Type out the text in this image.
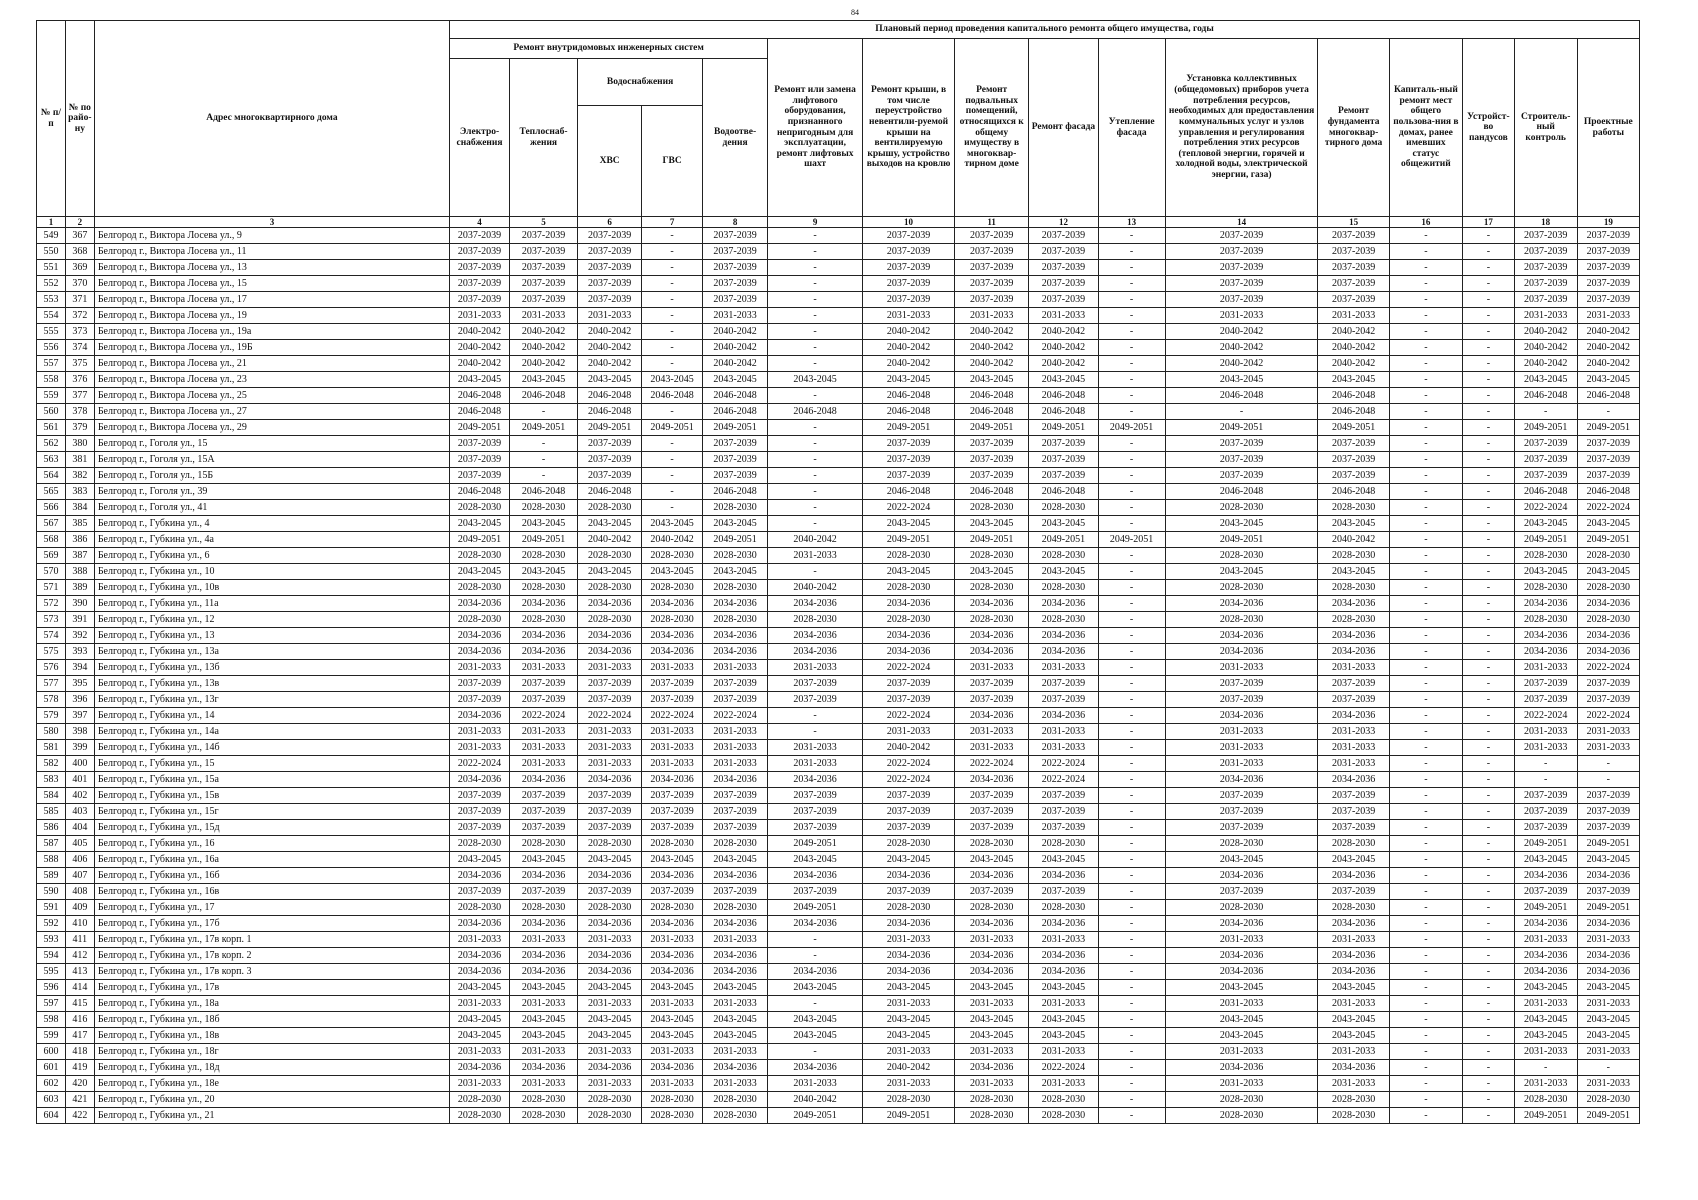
84
№ п/п	№ по райо-ну	Адрес многоквартирного дома	Плановый период проведения капитального ремонта общего имущества, годы															
			Ремонт внутридомовых инженерных систем					Ремонт или замена лифтового оборудования, признанного непригодным для эксплуатации, ремонт лифтовых шахт	Ремонт крыши, в том числе переустройство невентили-руемой крыши на вентилируемую крышу, устройство выходов на кровлю	Ремонт подвальных помещений, относящихся к общему имуществу в многоквар-тирном доме	Ремонт фасада	Утепление фасада	Установка коллективных (общедомовых) приборов учета потребления ресурсов, необходимых для предоставления коммунальных услуг и узлов управления и регулирования потребления этих ресурсов (тепловой энергии, горячей и холодной воды, электрической энергии, газа)	Ремонт фундамента многоквар-тирного дома	Капиталь-ный ремонт мест общего пользова-ния в домах, ранее имевших статус общежитий	Устройст-во пандусов	Строитель-ный контроль	Проектные работы
			Электро-снабжения	Теплоснаб-жения	Водоснабжения		Водоотве-дения											
					ХВС	ГВС												
1	2	3	4	5	6	7	8	9	10	11	12	13	14	15	16	17	18	19
549	367	Белгород г., Виктора Лосева ул., 9	2037-2039	2037-2039	2037-2039	-	2037-2039	-	2037-2039	2037-2039	2037-2039	-	2037-2039	2037-2039	-	-	2037-2039	2037-2039
550	368	Белгород г., Виктора Лосева ул., 11	2037-2039	2037-2039	2037-2039	-	2037-2039	-	2037-2039	2037-2039	2037-2039	-	2037-2039	2037-2039	-	-	2037-2039	2037-2039
551	369	Белгород г., Виктора Лосева ул., 13	2037-2039	2037-2039	2037-2039	-	2037-2039	-	2037-2039	2037-2039	2037-2039	-	2037-2039	2037-2039	-	-	2037-2039	2037-2039
552	370	Белгород г., Виктора Лосева ул., 15	2037-2039	2037-2039	2037-2039	-	2037-2039	-	2037-2039	2037-2039	2037-2039	-	2037-2039	2037-2039	-	-	2037-2039	2037-2039
553	371	Белгород г., Виктора Лосева ул., 17	2037-2039	2037-2039	2037-2039	-	2037-2039	-	2037-2039	2037-2039	2037-2039	-	2037-2039	2037-2039	-	-	2037-2039	2037-2039
554	372	Белгород г., Виктора Лосева ул., 19	2031-2033	2031-2033	2031-2033	-	2031-2033	-	2031-2033	2031-2033	2031-2033	-	2031-2033	2031-2033	-	-	2031-2033	2031-2033
555	373	Белгород г., Виктора Лосева ул., 19а	2040-2042	2040-2042	2040-2042	-	2040-2042	-	2040-2042	2040-2042	2040-2042	-	2040-2042	2040-2042	-	-	2040-2042	2040-2042
556	374	Белгород г., Виктора Лосева ул., 19Б	2040-2042	2040-2042	2040-2042	-	2040-2042	-	2040-2042	2040-2042	2040-2042	-	2040-2042	2040-2042	-	-	2040-2042	2040-2042
557	375	Белгород г., Виктора Лосева ул., 21	2040-2042	2040-2042	2040-2042	-	2040-2042	-	2040-2042	2040-2042	2040-2042	-	2040-2042	2040-2042	-	-	2040-2042	2040-2042
558	376	Белгород г., Виктора Лосева ул., 23	2043-2045	2043-2045	2043-2045	2043-2045	2043-2045	2043-2045	2043-2045	2043-2045	2043-2045	-	2043-2045	2043-2045	-	-	2043-2045	2043-2045
559	377	Белгород г., Виктора Лосева ул., 25	2046-2048	2046-2048	2046-2048	2046-2048	2046-2048	-	2046-2048	2046-2048	2046-2048	-	2046-2048	2046-2048	-	-	2046-2048	2046-2048
560	378	Белгород г., Виктора Лосева ул., 27	2046-2048	-	2046-2048	-	2046-2048	2046-2048	2046-2048	2046-2048	2046-2048	-	-	2046-2048	-	-	-	-
561	379	Белгород г., Виктора Лосева ул., 29	2049-2051	2049-2051	2049-2051	2049-2051	2049-2051	-	2049-2051	2049-2051	2049-2051	2049-2051	2049-2051	2049-2051	-	-	2049-2051	2049-2051
562	380	Белгород г., Гоголя ул., 15	2037-2039	-	2037-2039	-	2037-2039	-	2037-2039	2037-2039	2037-2039	-	2037-2039	2037-2039	-	-	2037-2039	2037-2039
563	381	Белгород г., Гоголя ул., 15А	2037-2039	-	2037-2039	-	2037-2039	-	2037-2039	2037-2039	2037-2039	-	2037-2039	2037-2039	-	-	2037-2039	2037-2039
564	382	Белгород г., Гоголя ул., 15Б	2037-2039	-	2037-2039	-	2037-2039	-	2037-2039	2037-2039	2037-2039	-	2037-2039	2037-2039	-	-	2037-2039	2037-2039
565	383	Белгород г., Гоголя ул., 39	2046-2048	2046-2048	2046-2048	-	2046-2048	-	2046-2048	2046-2048	2046-2048	-	2046-2048	2046-2048	-	-	2046-2048	2046-2048
566	384	Белгород г., Гоголя ул., 41	2028-2030	2028-2030	2028-2030	-	2028-2030	-	2022-2024	2028-2030	2028-2030	-	2028-2030	2028-2030	-	-	2022-2024	2022-2024
567	385	Белгород г., Губкина ул., 4	2043-2045	2043-2045	2043-2045	2043-2045	2043-2045	-	2043-2045	2043-2045	2043-2045	-	2043-2045	2043-2045	-	-	2043-2045	2043-2045
568	386	Белгород г., Губкина ул., 4а	2049-2051	2049-2051	2040-2042	2040-2042	2049-2051	2040-2042	2049-2051	2049-2051	2049-2051	2049-2051	2049-2051	2040-2042	-	-	2049-2051	2049-2051
569	387	Белгород г., Губкина ул., 6	2028-2030	2028-2030	2028-2030	2028-2030	2028-2030	2031-2033	2028-2030	2028-2030	2028-2030	-	2028-2030	2028-2030	-	-	2028-2030	2028-2030
570	388	Белгород г., Губкина ул., 10	2043-2045	2043-2045	2043-2045	2043-2045	2043-2045	-	2043-2045	2043-2045	2043-2045	-	2043-2045	2043-2045	-	-	2043-2045	2043-2045
571	389	Белгород г., Губкина ул., 10в	2028-2030	2028-2030	2028-2030	2028-2030	2028-2030	2040-2042	2028-2030	2028-2030	2028-2030	-	2028-2030	2028-2030	-	-	2028-2030	2028-2030
572	390	Белгород г., Губкина ул., 11а	2034-2036	2034-2036	2034-2036	2034-2036	2034-2036	2034-2036	2034-2036	2034-2036	2034-2036	-	2034-2036	2034-2036	-	-	2034-2036	2034-2036
573	391	Белгород г., Губкина ул., 12	2028-2030	2028-2030	2028-2030	2028-2030	2028-2030	2028-2030	2028-2030	2028-2030	2028-2030	-	2028-2030	2028-2030	-	-	2028-2030	2028-2030
574	392	Белгород г., Губкина ул., 13	2034-2036	2034-2036	2034-2036	2034-2036	2034-2036	2034-2036	2034-2036	2034-2036	2034-2036	-	2034-2036	2034-2036	-	-	2034-2036	2034-2036
575	393	Белгород г., Губкина ул., 13а	2034-2036	2034-2036	2034-2036	2034-2036	2034-2036	2034-2036	2034-2036	2034-2036	2034-2036	-	2034-2036	2034-2036	-	-	2034-2036	2034-2036
576	394	Белгород г., Губкина ул., 13б	2031-2033	2031-2033	2031-2033	2031-2033	2031-2033	2031-2033	2022-2024	2031-2033	2031-2033	-	2031-2033	2031-2033	-	-	2031-2033	2022-2024
577	395	Белгород г., Губкина ул., 13в	2037-2039	2037-2039	2037-2039	2037-2039	2037-2039	2037-2039	2037-2039	2037-2039	2037-2039	-	2037-2039	2037-2039	-	-	2037-2039	2037-2039
578	396	Белгород г., Губкина ул., 13г	2037-2039	2037-2039	2037-2039	2037-2039	2037-2039	2037-2039	2037-2039	2037-2039	2037-2039	-	2037-2039	2037-2039	-	-	2037-2039	2037-2039
579	397	Белгород г., Губкина ул., 14	2034-2036	2022-2024	2022-2024	2022-2024	2022-2024	-	2022-2024	2034-2036	2034-2036	-	2034-2036	2034-2036	-	-	2022-2024	2022-2024
580	398	Белгород г., Губкина ул., 14а	2031-2033	2031-2033	2031-2033	2031-2033	2031-2033	-	2031-2033	2031-2033	2031-2033	-	2031-2033	2031-2033	-	-	2031-2033	2031-2033
581	399	Белгород г., Губкина ул., 14б	2031-2033	2031-2033	2031-2033	2031-2033	2031-2033	2031-2033	2040-2042	2031-2033	2031-2033	-	2031-2033	2031-2033	-	-	2031-2033	2031-2033
582	400	Белгород г., Губкина ул., 15	2022-2024	2031-2033	2031-2033	2031-2033	2031-2033	2031-2033	2022-2024	2022-2024	2022-2024	-	2031-2033	2031-2033	-	-	-	-
583	401	Белгород г., Губкина ул., 15а	2034-2036	2034-2036	2034-2036	2034-2036	2034-2036	2034-2036	2022-2024	2034-2036	2022-2024	-	2034-2036	2034-2036	-	-	-	-
584	402	Белгород г., Губкина ул., 15в	2037-2039	2037-2039	2037-2039	2037-2039	2037-2039	2037-2039	2037-2039	2037-2039	2037-2039	-	2037-2039	2037-2039	-	-	2037-2039	2037-2039
585	403	Белгород г., Губкина ул., 15г	2037-2039	2037-2039	2037-2039	2037-2039	2037-2039	2037-2039	2037-2039	2037-2039	2037-2039	-	2037-2039	2037-2039	-	-	2037-2039	2037-2039
586	404	Белгород г., Губкина ул., 15д	2037-2039	2037-2039	2037-2039	2037-2039	2037-2039	2037-2039	2037-2039	2037-2039	2037-2039	-	2037-2039	2037-2039	-	-	2037-2039	2037-2039
587	405	Белгород г., Губкина ул., 16	2028-2030	2028-2030	2028-2030	2028-2030	2028-2030	2049-2051	2028-2030	2028-2030	2028-2030	-	2028-2030	2028-2030	-	-	2049-2051	2049-2051
588	406	Белгород г., Губкина ул., 16а	2043-2045	2043-2045	2043-2045	2043-2045	2043-2045	2043-2045	2043-2045	2043-2045	2043-2045	-	2043-2045	2043-2045	-	-	2043-2045	2043-2045
589	407	Белгород г., Губкина ул., 16б	2034-2036	2034-2036	2034-2036	2034-2036	2034-2036	2034-2036	2034-2036	2034-2036	2034-2036	-	2034-2036	2034-2036	-	-	2034-2036	2034-2036
590	408	Белгород г., Губкина ул., 16в	2037-2039	2037-2039	2037-2039	2037-2039	2037-2039	2037-2039	2037-2039	2037-2039	2037-2039	-	2037-2039	2037-2039	-	-	2037-2039	2037-2039
591	409	Белгород г., Губкина ул., 17	2028-2030	2028-2030	2028-2030	2028-2030	2028-2030	2049-2051	2028-2030	2028-2030	2028-2030	-	2028-2030	2028-2030	-	-	2049-2051	2049-2051
592	410	Белгород г., Губкина ул., 17б	2034-2036	2034-2036	2034-2036	2034-2036	2034-2036	2034-2036	2034-2036	2034-2036	2034-2036	-	2034-2036	2034-2036	-	-	2034-2036	2034-2036
593	411	Белгород г., Губкина ул., 17в корп. 1	2031-2033	2031-2033	2031-2033	2031-2033	2031-2033	-	2031-2033	2031-2033	2031-2033	-	2031-2033	2031-2033	-	-	2031-2033	2031-2033
594	412	Белгород г., Губкина ул., 17в корп. 2	2034-2036	2034-2036	2034-2036	2034-2036	2034-2036	-	2034-2036	2034-2036	2034-2036	-	2034-2036	2034-2036	-	-	2034-2036	2034-2036
595	413	Белгород г., Губкина ул., 17в корп. 3	2034-2036	2034-2036	2034-2036	2034-2036	2034-2036	2034-2036	2034-2036	2034-2036	2034-2036	-	2034-2036	2034-2036	-	-	2034-2036	2034-2036
596	414	Белгород г., Губкина ул., 17в	2043-2045	2043-2045	2043-2045	2043-2045	2043-2045	2043-2045	2043-2045	2043-2045	2043-2045	-	2043-2045	2043-2045	-	-	2043-2045	2043-2045
597	415	Белгород г., Губкина ул., 18а	2031-2033	2031-2033	2031-2033	2031-2033	2031-2033	-	2031-2033	2031-2033	2031-2033	-	2031-2033	2031-2033	-	-	2031-2033	2031-2033
598	416	Белгород г., Губкина ул., 18б	2043-2045	2043-2045	2043-2045	2043-2045	2043-2045	2043-2045	2043-2045	2043-2045	2043-2045	-	2043-2045	2043-2045	-	-	2043-2045	2043-2045
599	417	Белгород г., Губкина ул., 18в	2043-2045	2043-2045	2043-2045	2043-2045	2043-2045	2043-2045	2043-2045	2043-2045	2043-2045	-	2043-2045	2043-2045	-	-	2043-2045	2043-2045
600	418	Белгород г., Губкина ул., 18г	2031-2033	2031-2033	2031-2033	2031-2033	2031-2033	-	2031-2033	2031-2033	2031-2033	-	2031-2033	2031-2033	-	-	2031-2033	2031-2033
601	419	Белгород г., Губкина ул., 18д	2034-2036	2034-2036	2034-2036	2034-2036	2034-2036	2034-2036	2040-2042	2034-2036	2022-2024	-	2034-2036	2034-2036	-	-	-	-
602	420	Белгород г., Губкина ул., 18е	2031-2033	2031-2033	2031-2033	2031-2033	2031-2033	2031-2033	2031-2033	2031-2033	2031-2033	-	2031-2033	2031-2033	-	-	2031-2033	2031-2033
603	421	Белгород г., Губкина ул., 20	2028-2030	2028-2030	2028-2030	2028-2030	2028-2030	2040-2042	2028-2030	2028-2030	2028-2030	-	2028-2030	2028-2030	-	-	2028-2030	2028-2030
604	422	Белгород г., Губкина ул., 21	2028-2030	2028-2030	2028-2030	2028-2030	2028-2030	2049-2051	2049-2051	2028-2030	2028-2030	-	2028-2030	2028-2030	-	-	2049-2051	2049-2051
